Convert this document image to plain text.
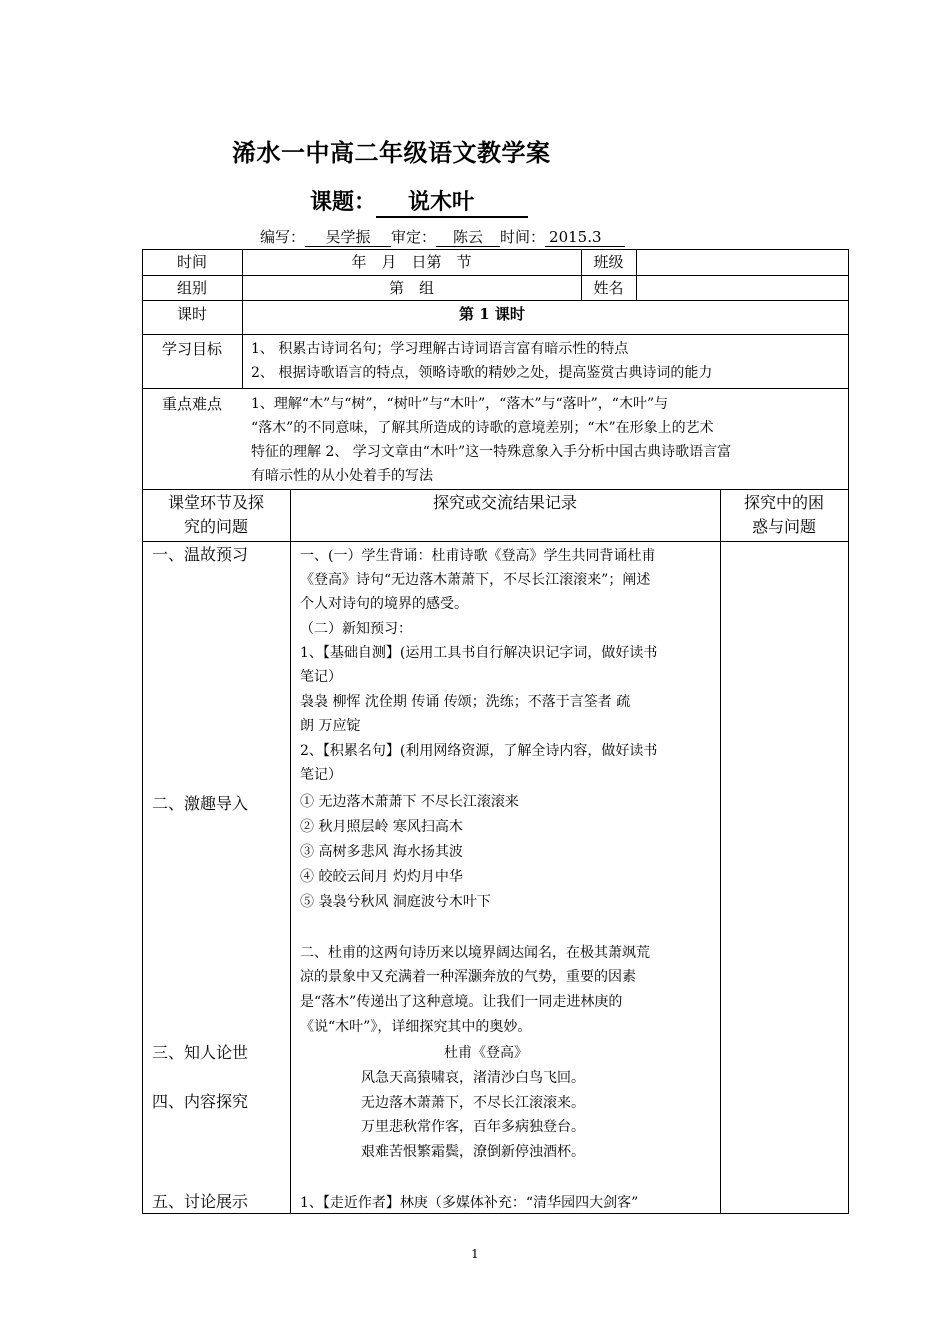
浠水一中高二年级语文教学案
课题： 说木叶
编写： 吴学振 审定： 陈云 时间： 2015.3
时间	年　月　日第　节	班级
组别	第　组	姓名
课时	第 1 课时
学习目标	1、 积累古诗词名句；学习理解古诗词语言富有暗示性的特点
2、 根据诗歌语言的特点，领略诗歌的精妙之处，提高鉴赏古典诗词的能力
重点难点	1、理解“木”与“树”，“树叶”与“木叶”，“落木”与“落叶”，“木叶”与
“落木”的不同意味，了解其所造成的诗歌的意境差别；“木”在形象上的艺术
特征的理解 2、 学习文章由“木叶”这一特殊意象入手分析中国古典诗歌语言富
有暗示性的从小处着手的写法
课堂环节及探
究的问题
探究或交流结果记录	探究中的困
惑与问题
一、温故预习
二、激趣导入
三、知人论世
四、内容探究
五、讨论展示
一、(一）学生背诵：杜甫诗歌《登高》学生共同背诵杜甫
《登高》诗句“无边落木萧萧下，不尽长江滚滚来”；阐述
个人对诗句的境界的感受。
（二）新知预习：
1、【基础自测】(运用工具书自行解决识记字词，做好读书
笔记）
袅袅 柳恽 沈佺期 传诵 传颂；洗练；不落于言筌者 疏
朗 万应锭
2、【积累名句】(利用网络资源，了解全诗内容，做好读书
笔记）
① 无边落木萧萧下 不尽长江滚滚来
② 秋月照层岭 寒风扫高木
③ 高树多悲风 海水扬其波
④ 皎皎云间月 灼灼月中华
⑤ 袅袅兮秋风 洞庭波兮木叶下
二、杜甫的这两句诗历来以境界阔达闻名，在极其萧飒荒
凉的景象中又充满着一种浑灏奔放的气势，重要的因素
是“落木”传递出了这种意境。让我们一同走进林庚的
《说“木叶”》，详细探究其中的奥妙。
杜甫《登高》
风急天高猿啸哀，渚清沙白鸟飞回。
无边落木萧萧下，不尽长江滚滚来。
万里悲秋常作客，百年多病独登台。
艰难苦恨繁霜鬓，潦倒新停浊酒杯。
1、【走近作者】林庚（多媒体补充：“清华园四大剑客”
1
